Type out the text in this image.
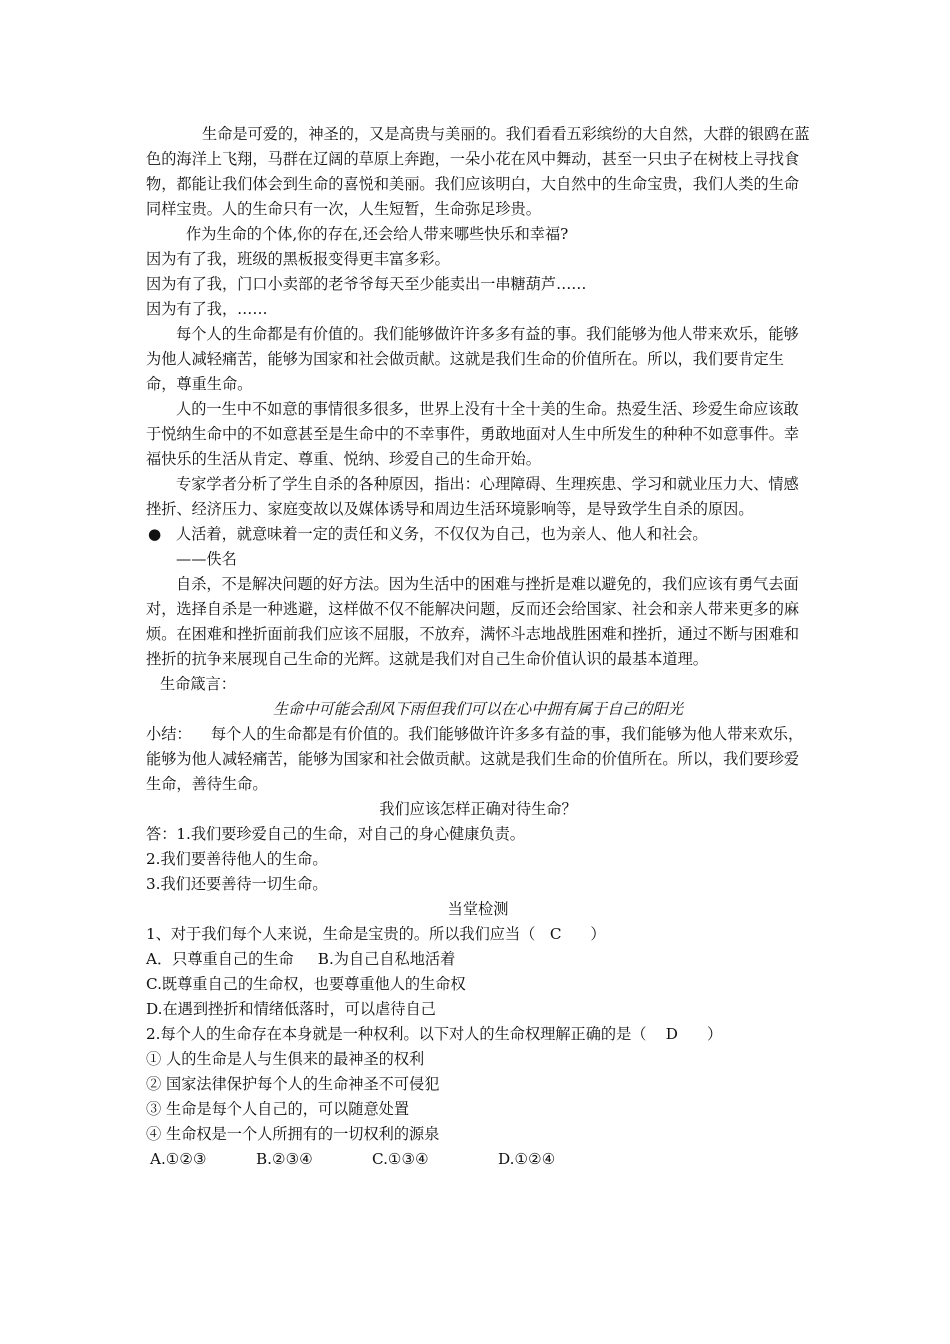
生命是可爱的，神圣的，又是高贵与美丽的。我们看看五彩缤纷的大自然，大群的银鸥在蓝色的海洋上飞翔，马群在辽阔的草原上奔跑，一朵小花在风中舞动，甚至一只虫子在树枝上寻找食物，都能让我们体会到生命的喜悦和美丽。我们应该明白，大自然中的生命宝贵，我们人类的生命同样宝贵。人的生命只有一次，人生短暂，生命弥足珍贵。

作为生命的个体,你的存在,还会给人带来哪些快乐和幸福?

因为有了我，班级的黑板报变得更丰富多彩。

因为有了我，门口小卖部的老爷爷每天至少能卖出一串糖葫芦……

因为有了我，……

每个人的生命都是有价值的。我们能够做许许多多有益的事。我们能够为他人带来欢乐，能够为他人减轻痛苦，能够为国家和社会做贡献。这就是我们生命的价值所在。所以，我们要肯定生命，尊重生命。

人的一生中不如意的事情很多很多，世界上没有十全十美的生命。热爱生活、珍爱生命应该敢于悦纳生命中的不如意甚至是生命中的不幸事件，勇敢地面对人生中所发生的种种不如意事件。幸福快乐的生活从肯定、尊重、悦纳、珍爱自己的生命开始。

专家学者分析了学生自杀的各种原因，指出：心理障碍、生理疾患、学习和就业压力大、情感挫折、经济压力、家庭变故以及媒体诱导和周边生活环境影响等，是导致学生自杀的原因。

● 人活着，就意味着一定的责任和义务，不仅仅为自己，也为亲人、他人和社会。

——佚名

自杀，不是解决问题的好方法。因为生活中的困难与挫折是难以避免的，我们应该有勇气去面对，选择自杀是一种逃避，这样做不仅不能解决问题，反而还会给国家、社会和亲人带来更多的麻烦。在困难和挫折面前我们应该不屈服，不放弃，满怀斗志地战胜困难和挫折，通过不断与困难和挫折的抗争来展现自己生命的光辉。这就是我们对自己生命价值认识的最基本道理。

生命箴言：

生命中可能会刮风下雨但我们可以在心中拥有属于自己的阳光

小结：    每个人的生命都是有价值的。我们能够做许许多多有益的事，我们能够为他人带来欢乐，能够为他人减轻痛苦，能够为国家和社会做贡献。这就是我们生命的价值所在。所以，我们要珍爱生命，善待生命。

我们应该怎样正确对待生命？

答：1.我们要珍爱自己的生命，对自己的身心健康负责。

2.我们要善待他人的生命。

3.我们还要善待一切生命。

当堂检测

1、对于我们每个人来说，生命是宝贵的。所以我们应当（   C      ）

A．只尊重自己的生命     B.为自己自私地活着

C.既尊重自己的生命权，也要尊重他人的生命权

D.在遇到挫折和情绪低落时，可以虐待自己

2.每个人的生命存在本身就是一种权利。以下对人的生命权理解正确的是（    D      ）

① 人的生命是人与生俱来的最神圣的权利

② 国家法律保护每个人的生命神圣不可侵犯

③ 生命是每个人自己的，可以随意处置

④ 生命权是一个人所拥有的一切权利的源泉

A.①②③	B.②③④	C.①③④	D.①②④
